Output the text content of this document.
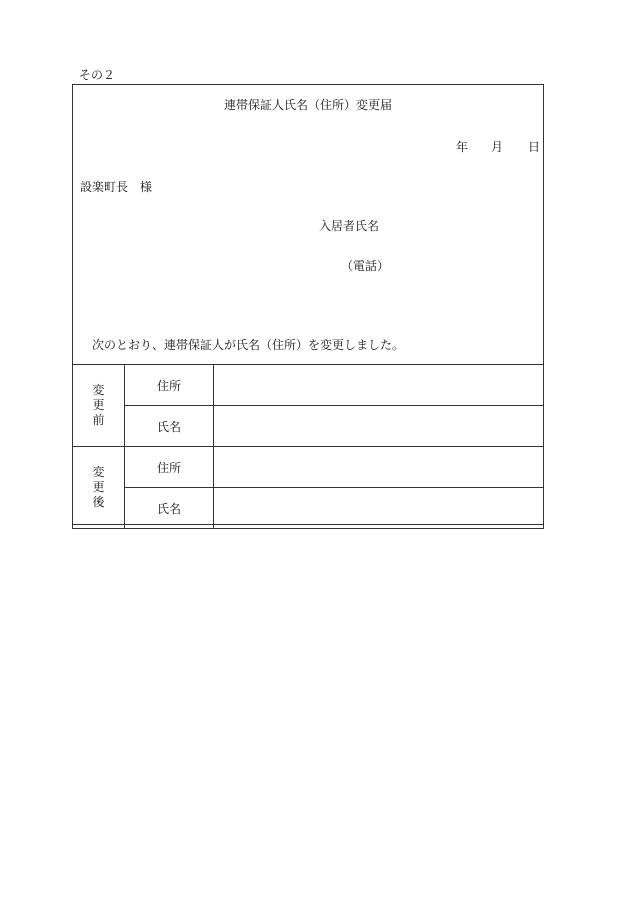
その２
連帯保証人氏名（住所）変更届
年 月 日
設楽町長　様
入居者氏名
（電話）
次のとおり、連帯保証人が氏名（住所）を変更しました。
変
更
前	住所	
	氏名	

変
更
後	住所	
	氏名	
